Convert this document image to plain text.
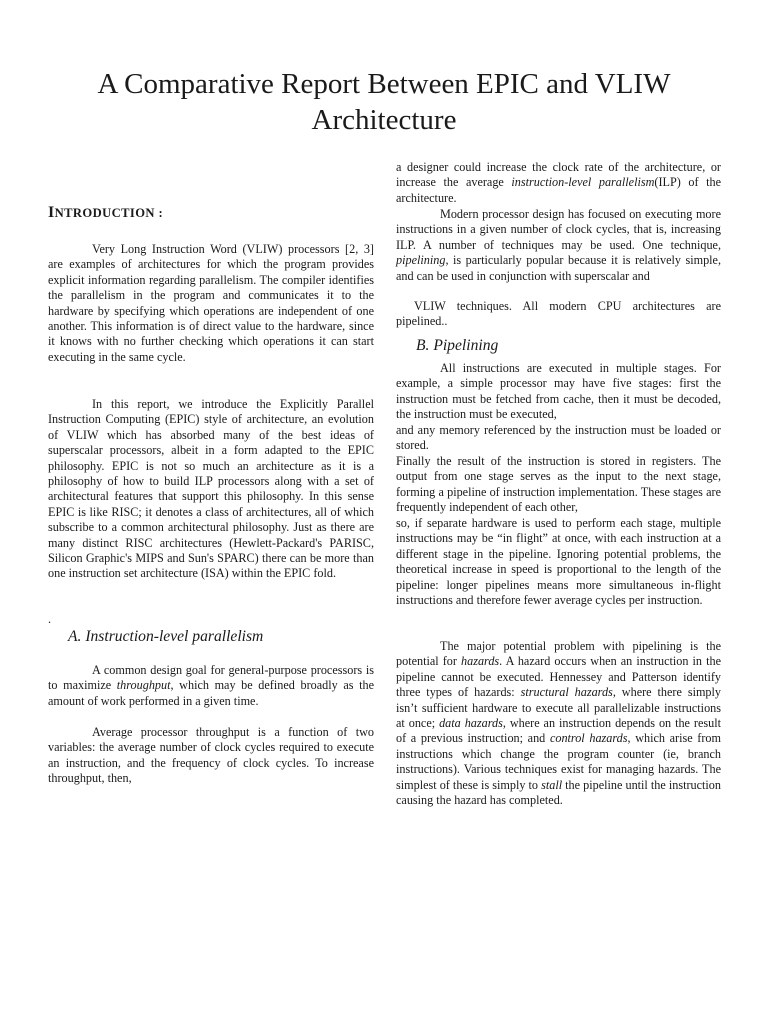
A Comparative Report Between EPIC and VLIW Architecture
INTRODUCTION :

Very Long Instruction Word (VLIW) processors [2, 3] are examples of architectures for which the program provides explicit information regarding parallelism. The compiler identifies the parallelism in the program and communicates it to the hardware by specifying which operations are independent of one another. This information is of direct value to the hardware, since it knows with no further checking which operations it can start executing in the same cycle.

In this report, we introduce the Explicitly Parallel Instruction Computing (EPIC) style of architecture, an evolution of VLIW which has absorbed many of the best ideas of superscalar processors, albeit in a form adapted to the EPIC philosophy. EPIC is not so much an architecture as it is a philosophy of how to build ILP processors along with a set of architectural features that support this philosophy. In this sense EPIC is like RISC; it denotes a class of architectures, all of which subscribe to a common architectural philosophy. Just as there are many distinct RISC architectures (Hewlett-Packard's PARISC, Silicon Graphic's MIPS and Sun's SPARC) there can be more than one instruction set architecture (ISA) within the EPIC fold.

.

A. Instruction-level parallelism

A common design goal for general-purpose processors is to maximize throughput, which may be defined broadly as the amount of work performed in a given time.

Average processor throughput is a function of two variables: the average number of clock cycles required to execute an instruction, and the frequency of clock cycles. To increase throughput, then,

a designer could increase the clock rate of the architecture, or increase the average instruction-level parallelism(ILP) of the architecture.

Modern processor design has focused on executing more instructions in a given number of clock cycles, that is, increasing ILP. A number of techniques may be used. One technique, pipelining, is particularly popular because it is relatively simple, and can be used in conjunction with superscalar and

VLIW techniques. All modern CPU architectures are pipelined..

B. Pipelining

All instructions are executed in multiple stages. For example, a simple processor may have five stages: first the instruction must be fetched from cache, then it must be decoded, the instruction must be executed,

and any memory referenced by the instruction must be loaded or stored.

Finally the result of the instruction is stored in registers. The output from one stage serves as the input to the next stage, forming a pipeline of instruction implementation. These stages are frequently independent of each other,

so, if separate hardware is used to perform each stage, multiple instructions may be “in flight” at once, with each instruction at a different stage in the pipeline. Ignoring potential problems, the theoretical increase in speed is proportional to the length of the pipeline: longer pipelines means more simultaneous in-flight instructions and therefore fewer average cycles per instruction.

The major potential problem with pipelining is the potential for hazards. A hazard occurs when an instruction in the pipeline cannot be executed. Hennessey and Patterson identify three types of hazards: structural hazards, where there simply isn’t sufficient hardware to execute all parallelizable instructions at once; data hazards, where an instruction depends on the result of a previous instruction; and control hazards, which arise from instructions which change the program counter (ie, branch instructions). Various techniques exist for managing hazards. The simplest of these is simply to stall the pipeline until the instruction causing the hazard has completed.
